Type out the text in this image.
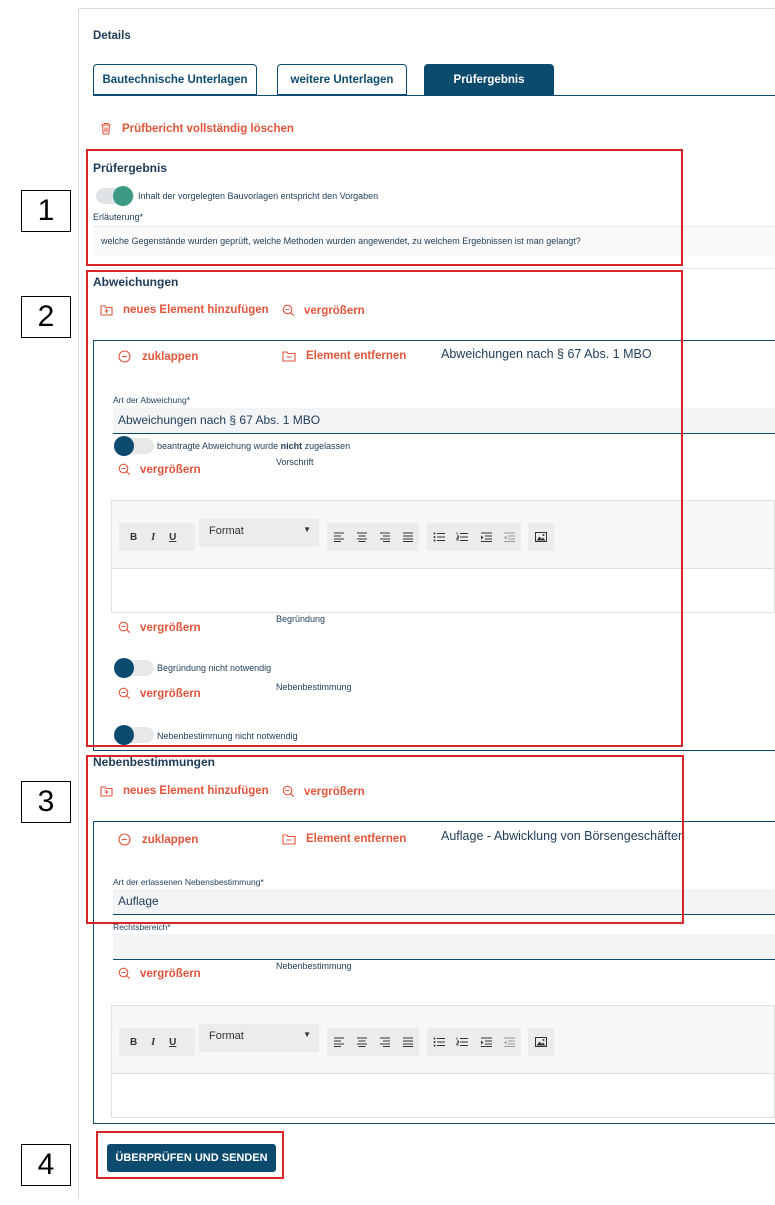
Details
Bautechnische Unterlagen	weitere Unterlagen	Prüfergebnis
Prüfbericht vollständig löschen
Prüfergebnis
Inhalt der vorgelegten Bauvorlagen entspricht den Vorgaben
Erläuterung*
welche Gegenstände wurden geprüft, welche Methoden wurden angewendet, zu welchem Ergebnissen ist man gelangt?
Abweichungen
neues Element hinzufügen	vergrößern
zuklappen	Element entfernen	Abweichungen nach § 67 Abs. 1 MBO
Art der Abweichung*
Abweichungen nach § 67 Abs. 1 MBO
beantragte Abweichung wurde nicht zugelassen
vergrößern
Vorschrift
B	I	U	Format	▼
vergrößern
Begründung
Begründung nicht notwendig
vergrößern
Nebenbestimmung
Nebenbestimmung nicht notwendig
Nebenbestimmungen
neues Element hinzufügen	vergrößern
zuklappen	Element entfernen	Auflage - Abwicklung von Börsengeschäften
Art der erlassenen Nebensbestimmung*
Auflage
Rechtsbereich*
vergrößern
Nebenbestimmung
B	I	U	Format	▼
ÜBERPRÜFEN UND SENDEN
1
2
3
4
